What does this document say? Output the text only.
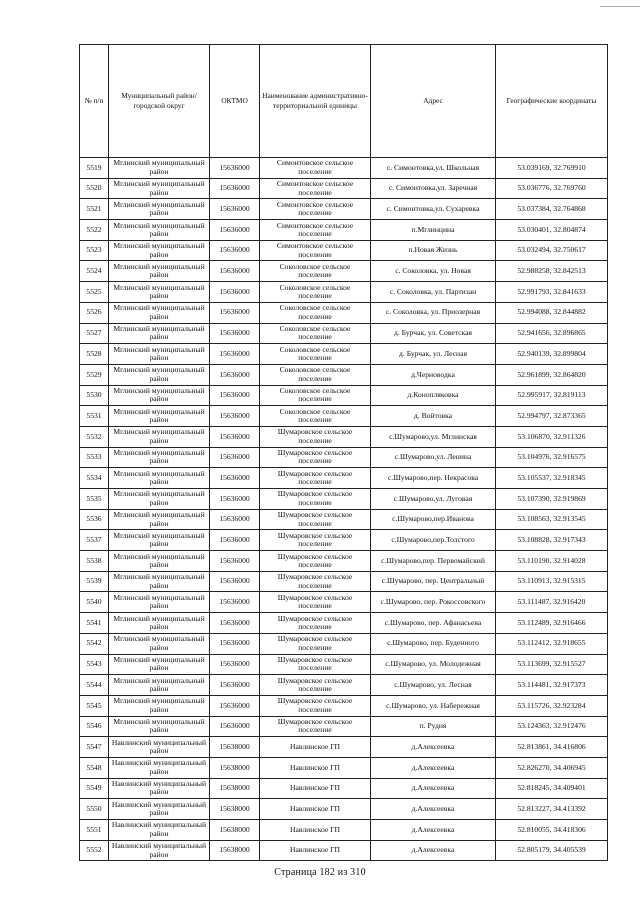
№ п/п	Муниципальный район/городской округ	ОКТМО	Наименование административно-территориальной единицы	Адрес	Географические координаты
5519	Мглинский муниципальный район	15636000	Симонтовское сельское поселение	с. Симонтовка,ул. Школьная	53.039169, 32.769910
5520	Мглинский муниципальный район	15636000	Симонтовское сельское поселение	с. Симонтовка,ул. Заречная	53.036776, 32.769760
5521	Мглинский муниципальный район	15636000	Симонтовское сельское поселение	с. Симонтовка,ул. Сухаревка	53.037384, 32.764868
5522	Мглинский муниципальный район	15636000	Симонтовское сельское поселение	п.Мглинцина	53.030401, 32.804874
5523	Мглинский муниципальный район	15636000	Симонтовское сельское поселение	п.Новая Жизнь	53.032494, 32.750617
5524	Мглинский муниципальный район	15636000	Соколовское сельское поселение	с. Соколовка, ул. Новая	52.988258, 32.842513
5525	Мглинский муниципальный район	15636000	Соколовское сельское поселение	с. Соколовка, ул. Партизан	52.991793, 32.841633
5526	Мглинский муниципальный район	15636000	Соколовское сельское поселение	с. Соколовка, ул. Приозерная	52.994088, 32.844882
5527	Мглинский муниципальный район	15636000	Соколовское сельское поселение	д. Бурчак, ул. Советская	52.941656, 32.896865
5528	Мглинский муниципальный район	15636000	Соколовское сельское поселение	д. Бурчак, ул. Лесная	52.940139, 32.899804
5529	Мглинский муниципальный район	15636000	Соколовское сельское поселение	д.Черноводка	52.961899, 32.864820
5530	Мглинский муниципальный район	15636000	Соколовское сельское поселение	д.Конопляковка	52.995917, 32.819113
5531	Мглинский муниципальный район	15636000	Соколовское сельское поселение	д. Войтовка	52.994797, 32.873365
5532	Мглинский муниципальный район	15636000	Шумаровское сельское поселение	с.Шумарово,ул. Мглинская	53.106870, 32.911326
5533	Мглинский муниципальный район	15636000	Шумаровское сельское поселение	с.Шумарово,ул. Ленина	53.104976, 32.916575
5534	Мглинский муниципальный район	15636000	Шумаровское сельское поселение	с.Шумарово,пер. Некрасова	53.105537, 32.918345
5535	Мглинский муниципальный район	15636000	Шумаровское сельское поселение	с.Шумарово,ул. Луговая	53.107390, 32.919869
5536	Мглинский муниципальный район	15636000	Шумаровское сельское поселение	с.Шумарово,пер.Иванова	53.108563, 32.913545
5537	Мглинский муниципальный район	15636000	Шумаровское сельское поселение	с.Шумарово,пер.Толстого	53.108828, 32.917343
5538	Мглинский муниципальный район	15636000	Шумаровское сельское поселение	с.Шумарово,пер. Первомайский	53.110190, 32.914028
5539	Мглинский муниципальный район	15636000	Шумаровское сельское поселение	с.Шумарово, пер. Центральный	53.110913, 32.915315
5540	Мглинский муниципальный район	15636000	Шумаровское сельское поселение	с.Шумарово, пер. Рокоссовского	53.111487, 32.916420
5541	Мглинский муниципальный район	15636000	Шумаровское сельское поселение	с.Шумарово, пер. Афанасьева	53.112489, 32.916466
5542	Мглинский муниципальный район	15636000	Шумаровское сельское поселение	с.Шумарово, пер. Буденного	53.112412, 32.918655
5543	Мглинский муниципальный район	15636000	Шумаровское сельское поселение	с.Шумарово, ул. Молодежная	53.113699, 32.915527
5544	Мглинский муниципальный район	15636000	Шумаровское сельское поселение	с.Шумарово, ул. Лесная	53.114481, 32.917373
5545	Мглинский муниципальный район	15636000	Шумаровское сельское поселение	с.Шумарово, ул. Набережная	53.115726, 32.923284
5546	Мглинский муниципальный район	15636000	Шумаровское сельское поселение	п. Рудня	53.124363, 32.912476
5547	Навлинский муниципальный район	15638000	Навлинское ГП	д.Алексеевка	52.813861, 34.416806
5548	Навлинский муниципальный район	15638000	Навлинское ГП	д.Алексеевка	52.826270, 34.406945
5549	Навлинский муниципальный район	15638000	Навлинское ГП	д.Алексеевка	52.818245, 34.409401
5550	Навлинский муниципальный район	15638000	Навлинское ГП	д.Алексеевка	52.813227, 34.413392
5551	Навлинский муниципальный район	15638000	Навлинское ГП	д.Алексеевка	52.810055, 34.418306
5552	Навлинский муниципальный район	15638000	Навлинское ГП	д.Алексеевка	52.805179, 34.405539
Страница 182 из 310
